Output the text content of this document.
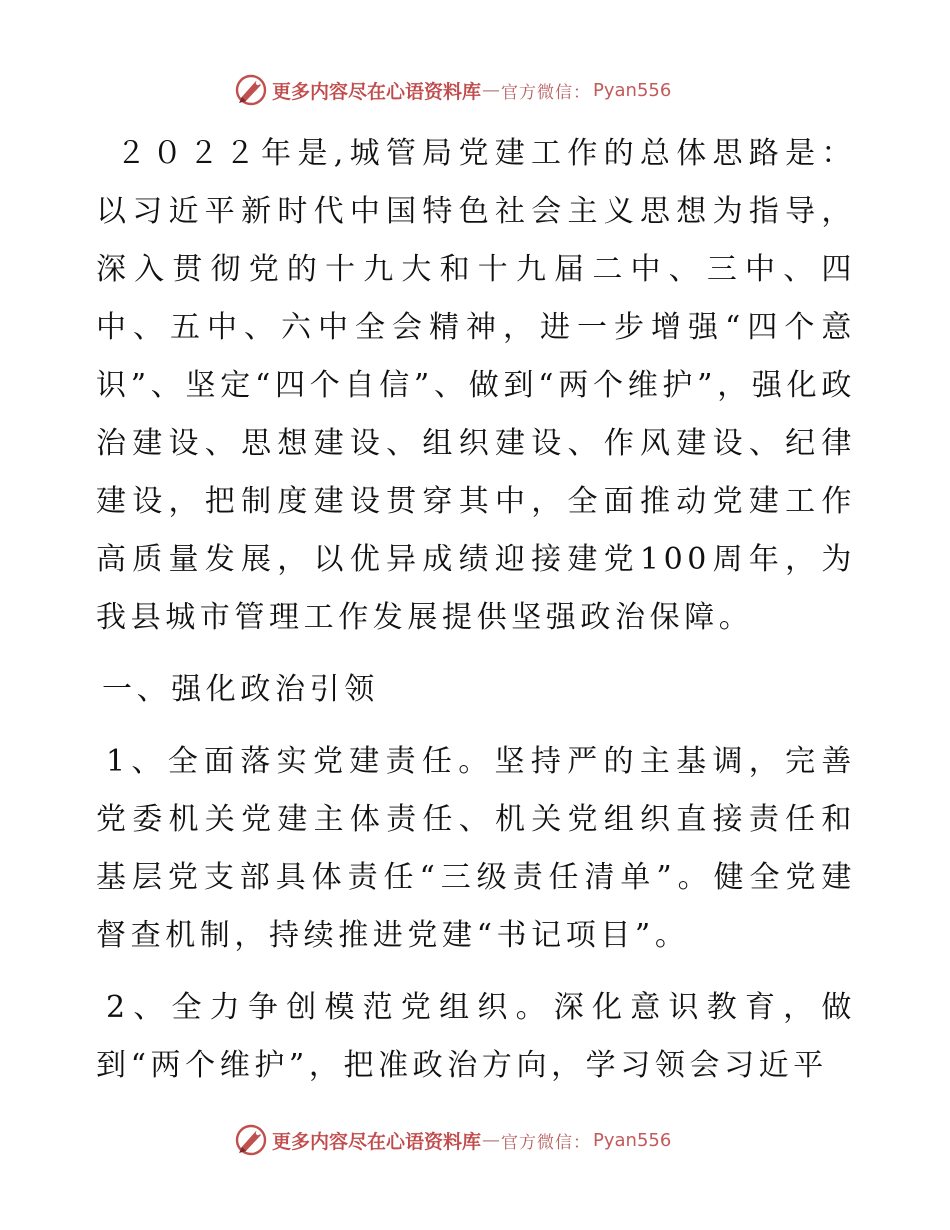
更多内容尽在心语资料库 — 官方微信： Pyan556

２０２２年是,城管局党建工作的总体思路是：以习近平新时代中国特色社会主义思想为指导，深入贯彻党的十九大和十九届二中、三中、四中、五中、六中全会精神，进一步增强“四个意识”、坚定“四个自信”、做到“两个维护”，强化政治建设、思想建设、组织建设、作风建设、纪律建设，把制度建设贯穿其中，全面推动党建工作高质量发展，以优异成绩迎接建党100周年，为我县城市管理工作发展提供坚强政治保障。

一、强化政治引领

1、全面落实党建责任。坚持严的主基调，完善党委机关党建主体责任、机关党组织直接责任和基层党支部具体责任“三级责任清单”。健全党建督查机制，持续推进党建“书记项目”。

2、全力争创模范党组织。深化意识教育，做到“两个维护”，把准政治方向，学习领会习近平

更多内容尽在心语资料库 — 官方微信： Pyan556
